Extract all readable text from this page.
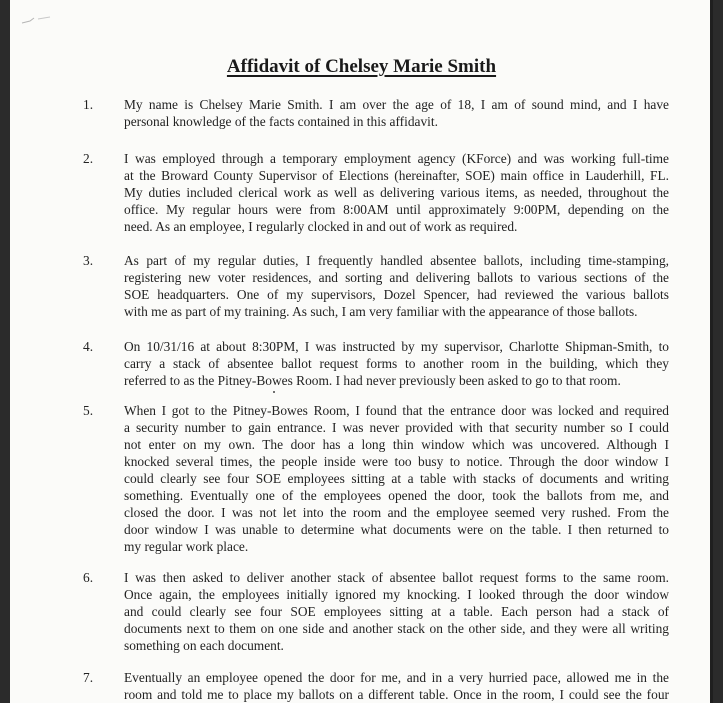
Affidavit of Chelsey Marie Smith
1.	My name is Chelsey Marie Smith. I am over the age of 18, I am of sound mind, and I have
personal knowledge of the facts contained in this affidavit.
2.	I was employed through a temporary employment agency (KForce) and was working full-time
at the Broward County Supervisor of Elections (hereinafter, SOE) main office in Lauderhill, FL.
My duties included clerical work as well as delivering various items, as needed, throughout the
office. My regular hours were from 8:00AM until approximately 9:00PM, depending on the
need. As an employee, I regularly clocked in and out of work as required.
3.	As part of my regular duties, I frequently handled absentee ballots, including time-stamping,
registering new voter residences, and sorting and delivering ballots to various sections of the
SOE headquarters. One of my supervisors, Dozel Spencer, had reviewed the various ballots
with me as part of my training. As such, I am very familiar with the appearance of those ballots.
4.	On 10/31/16 at about 8:30PM, I was instructed by my supervisor, Charlotte Shipman-Smith, to
carry a stack of absentee ballot request forms to another room in the building, which they
referred to as the Pitney-Bowes Room. I had never previously been asked to go to that room.
5.	When I got to the Pitney-Bowes Room, I found that the entrance door was locked and required
a security number to gain entrance. I was never provided with that security number so I could
not enter on my own. The door has a long thin window which was uncovered. Although I
knocked several times, the people inside were too busy to notice. Through the door window I
could clearly see four SOE employees sitting at a table with stacks of documents and writing
something. Eventually one of the employees opened the door, took the ballots from me, and
closed the door. I was not let into the room and the employee seemed very rushed. From the
door window I was unable to determine what documents were on the table. I then returned to
my regular work place.
6.	I was then asked to deliver another stack of absentee ballot request forms to the same room.
Once again, the employees initially ignored my knocking. I looked through the door window
and could clearly see four SOE employees sitting at a table. Each person had a stack of
documents next to them on one side and another stack on the other side, and they were all writing
something on each document.
7.	Eventually an employee opened the door for me, and in a very hurried pace, allowed me in the
room and told me to place my ballots on a different table. Once in the room, I could see the four
